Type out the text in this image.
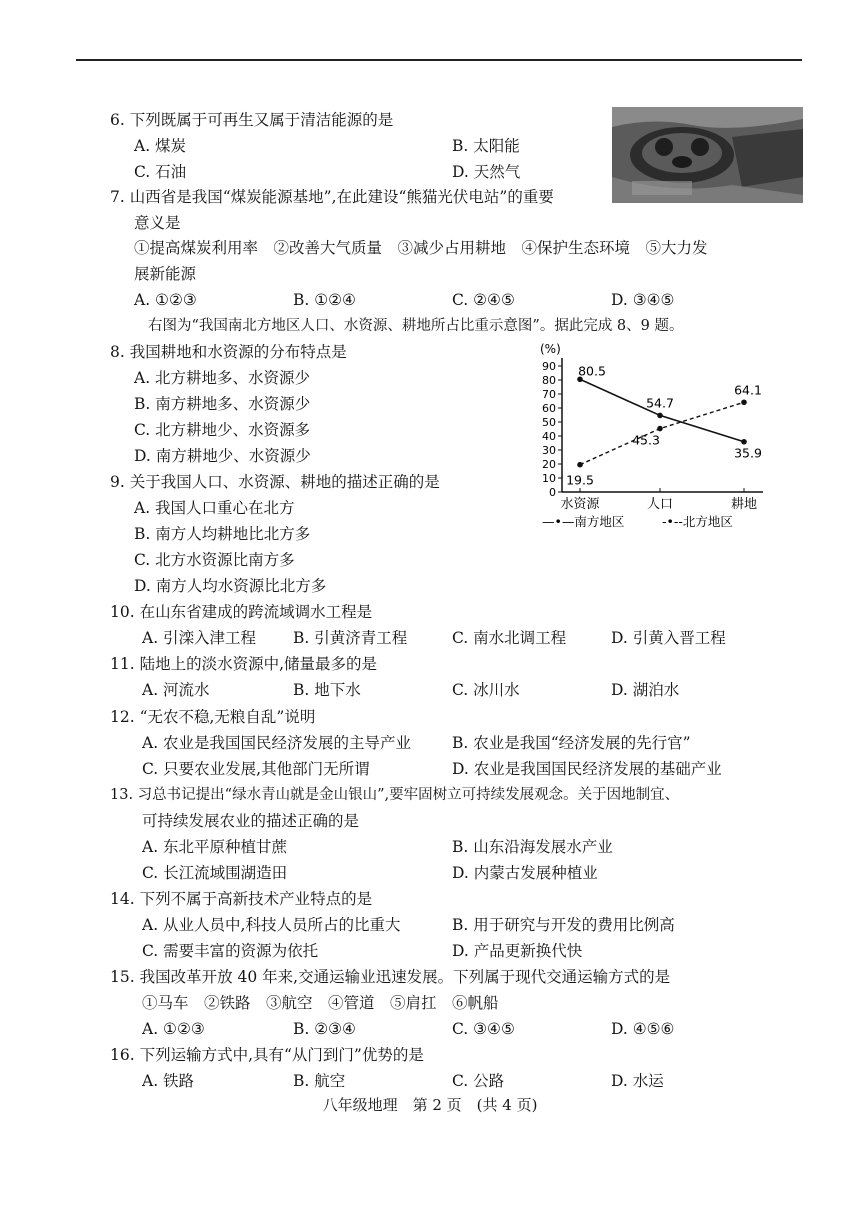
6. 下列既属于可再生又属于清洁能源的是
A. 煤炭	B. 太阳能
C. 石油	D. 天然气
7. 山西省是我国“煤炭能源基地”,在此建设“熊猫光伏电站”的重要
意义是
①提高煤炭利用率　②改善大气质量　③减少占用耕地　④保护生态环境　⑤大力发
展新能源
A. ①②③	B. ①②④	C. ②④⑤	D. ③④⑤
右图为“我国南北方地区人口、水资源、耕地所占比重示意图”。据此完成 8、9 题。
8. 我国耕地和水资源的分布特点是
A. 北方耕地多、水资源少
B. 南方耕地多、水资源少
C. 北方耕地少、水资源多
D. 南方耕地少、水资源少
9. 关于我国人口、水资源、耕地的描述正确的是
A. 我国人口重心在北方
B. 南方人均耕地比北方多
C. 北方水资源比南方多
D. 南方人均水资源比北方多
10. 在山东省建成的跨流域调水工程是
A. 引滦入津工程 B. 引黄济青工程	C. 南水北调工程	D. 引黄入晋工程
11. 陆地上的淡水资源中,储量最多的是
A. 河流水	B. 地下水	C. 冰川水	D. 湖泊水
12. “无农不稳,无粮自乱”说明
A. 农业是我国国民经济发展的主导产业	B. 农业是我国“经济发展的先行官”
C. 只要农业发展,其他部门无所谓	D. 农业是我国国民经济发展的基础产业
13. 习总书记提出“绿水青山就是金山银山”,要牢固树立可持续发展观念。关于因地制宜、
可持续发展农业的描述正确的是
A. 东北平原种植甘蔗	B. 山东沿海发展水产业
C. 长江流域围湖造田	D. 内蒙古发展种植业
14. 下列不属于高新技术产业特点的是
A. 从业人员中,科技人员所占的比重大	B. 用于研究与开发的费用比例高
C. 需要丰富的资源为依托	D. 产品更新换代快
15. 我国改革开放 40 年来,交通运输业迅速发展。下列属于现代交通运输方式的是
①马车　②铁路　③航空　④管道　⑤肩扛　⑥帆船
A. ①②③	B. ②③④	C. ③④⑤	D. ④⑤⑥
16. 下列运输方式中,具有“从门到门”优势的是
A. 铁路	B. 航空	C. 公路	D. 水运
八年级地理　第 2 页　(共 4 页)
(%)
0
10
20
30
40
50
60
70
80
90
水资源	人口	耕地
80.5
54.7
35.9
19.5
45.3
64.1
—•—南方地区	-•--北方地区
